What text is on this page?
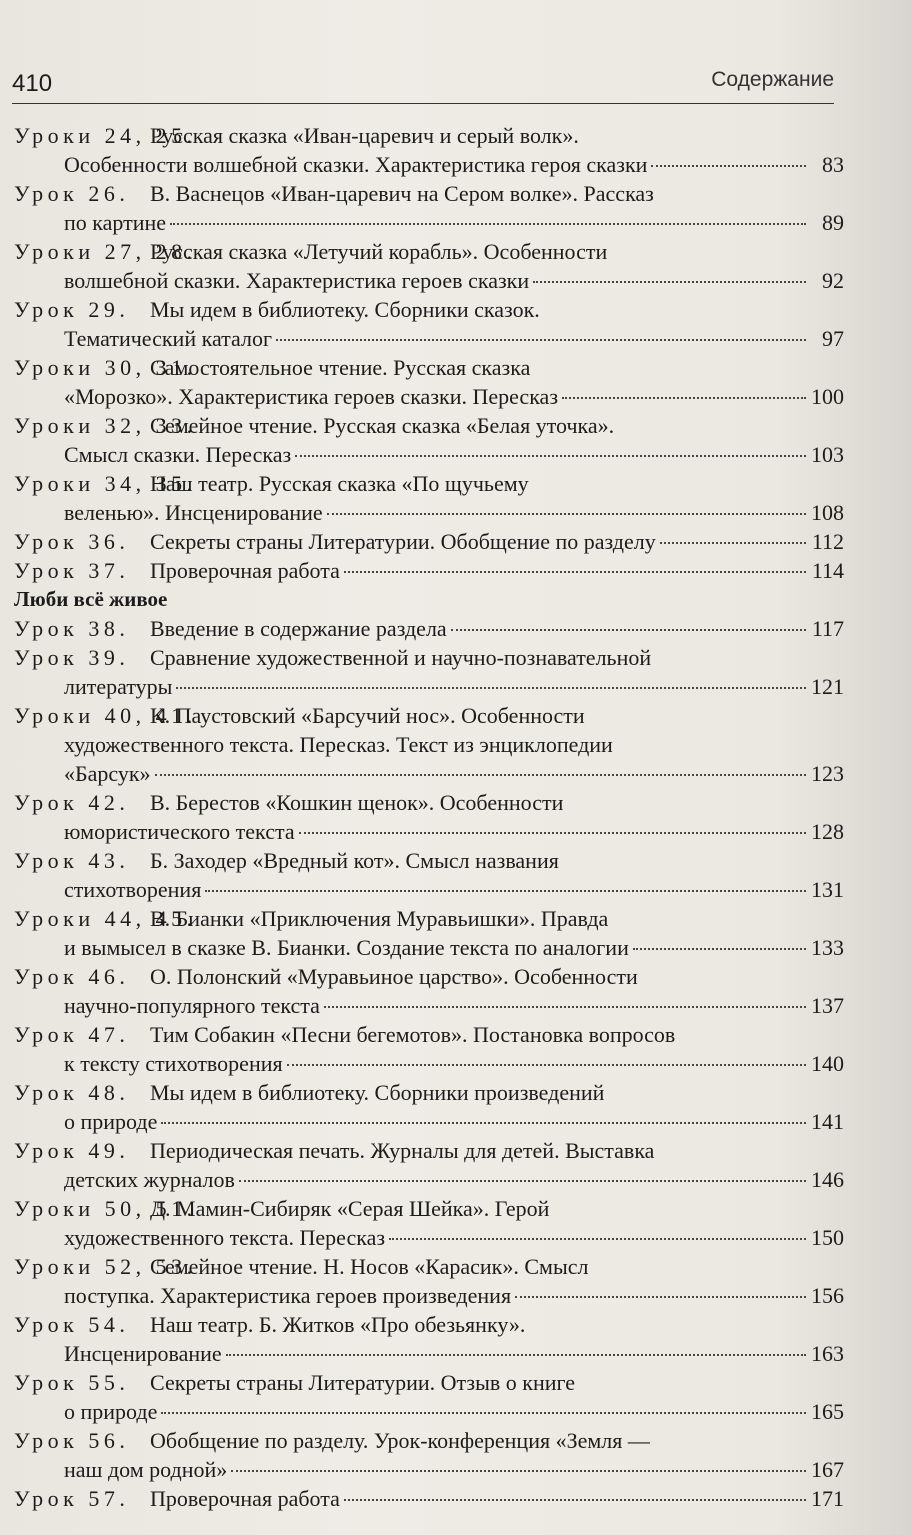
410	Содержание
Уроки 24, 25.
Русская сказка «Иван-царевич и серый волк».
Особенности волшебной сказки. Характеристика героя сказки	83
Урок 26. В. Васнецов «Иван-царевич на Сером волке». Рассказ
по картине	89
Уроки 27, 28.
Русская сказка «Летучий корабль». Особенности
волшебной сказки. Характеристика героев сказки	92
Урок 29. Мы идем в библиотеку. Сборники сказок.
Тематический каталог	97
Уроки 30, 31.
Самостоятельное чтение. Русская сказка
«Морозко». Характеристика героев сказки. Пересказ	100
Уроки 32, 33.
Семейное чтение. Русская сказка «Белая уточка».
Смысл сказки. Пересказ	103
Уроки 34, 35.
Наш театр. Русская сказка «По щучьему
веленью». Инсценирование	108
Урок 36. Секреты страны Литературии. Обобщение по разделу	112
Урок 37. Проверочная работа	114
Люби всё живое
Урок 38. Введение в содержание раздела	117
Урок 39. Сравнение художественной и научно-познавательной
литературы	121
Уроки 40, 41.
К. Паустовский «Барсучий нос». Особенности
художественного текста. Пересказ. Текст из энциклопедии
«Барсук»	123
Урок 42. В. Берестов «Кошкин щенок». Особенности
юмористического текста	128
Урок 43. Б. Заходер «Вредный кот». Смысл названия
стихотворения	131
Уроки 44, 45.
В. Бианки «Приключения Муравьишки». Правда
и вымысел в сказке В. Бианки. Создание текста по аналогии	133
Урок 46. О. Полонский «Муравьиное царство». Особенности
научно-популярного текста	137
Урок 47. Тим Собакин «Песни бегемотов». Постановка вопросов
к тексту стихотворения	140
Урок 48. Мы идем в библиотеку. Сборники произведений
о природе	141
Урок 49. Периодическая печать. Журналы для детей. Выставка
детских журналов	146
Уроки 50, 51.
Д. Мамин-Сибиряк «Серая Шейка». Герой
художественного текста. Пересказ	150
Уроки 52, 53.
Семейное чтение. Н. Носов «Карасик». Смысл
поступка. Характеристика героев произведения	156
Урок 54. Наш театр. Б. Житков «Про обезьянку».
Инсценирование	163
Урок 55. Секреты страны Литературии. Отзыв о книге
о природе	165
Урок 56. Обобщение по разделу. Урок-конференция «Земля —
наш дом родной»	167
Урок 57. Проверочная работа	171
